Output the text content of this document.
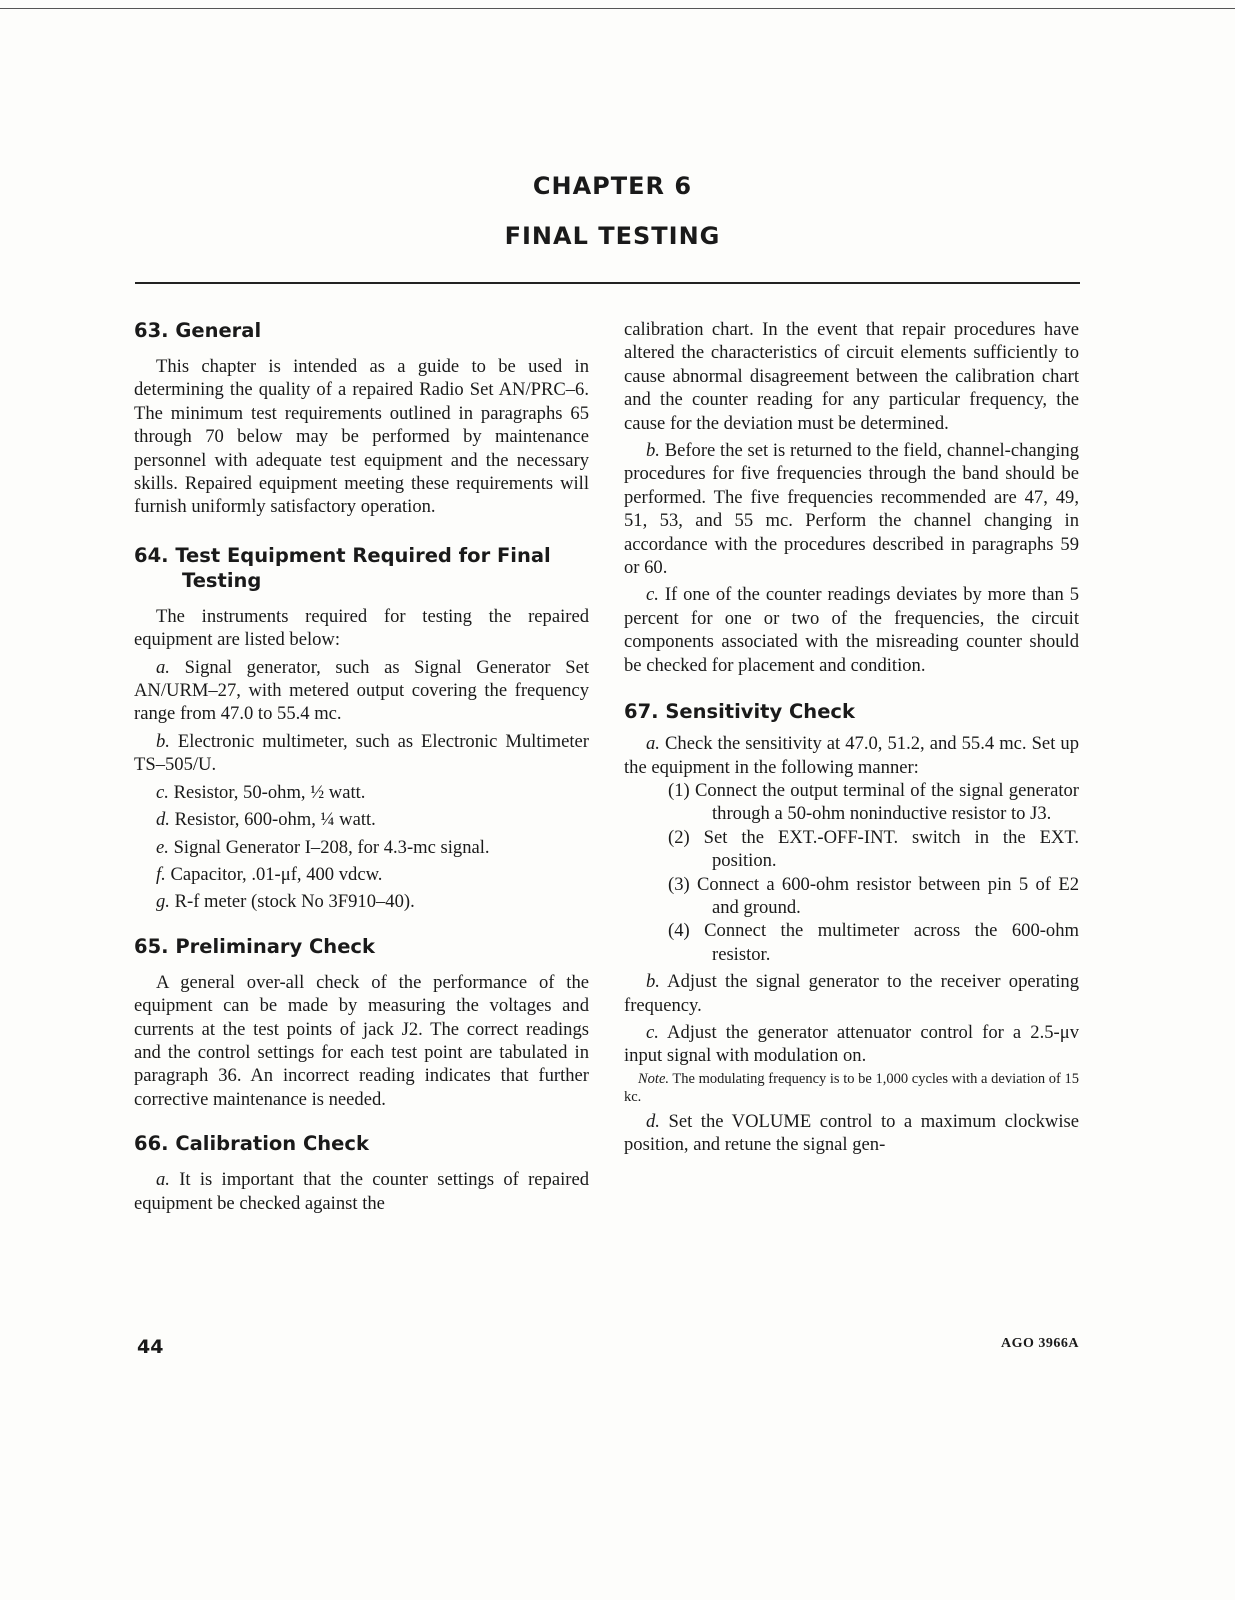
CHAPTER 6
FINAL TESTING
63. General

This chapter is intended as a guide to be used in determining the quality of a repaired Radio Set AN/PRC–6. The minimum test requirements outlined in paragraphs 65 through 70 below may be performed by maintenance personnel with adequate test equipment and the necessary skills. Repaired equipment meeting these requirements will furnish uniformly satisfactory operation.

64. Test Equipment Required for Final Testing

The instruments required for testing the repaired equipment are listed below:

a. Signal generator, such as Signal Generator Set AN/URM–27, with metered output covering the frequency range from 47.0 to 55.4 mc.

b. Electronic multimeter, such as Electronic Multimeter TS–505/U.

c. Resistor, 50-ohm, ½ watt.

d. Resistor, 600-ohm, ¼ watt.

e. Signal Generator I–208, for 4.3-mc signal.

f. Capacitor, .01-μf, 400 vdcw.

g. R-f meter (stock No 3F910–40).

65. Preliminary Check

A general over-all check of the performance of the equipment can be made by measuring the voltages and currents at the test points of jack J2. The correct readings and the control settings for each test point are tabulated in paragraph 36. An incorrect reading indicates that further corrective maintenance is needed.

66. Calibration Check

a. It is important that the counter settings of repaired equipment be checked against the

calibration chart. In the event that repair procedures have altered the characteristics of circuit elements sufficiently to cause abnormal disagreement between the calibration chart and the counter reading for any particular frequency, the cause for the deviation must be determined.

b. Before the set is returned to the field, channel-changing procedures for five frequencies through the band should be performed. The five frequencies recommended are 47, 49, 51, 53, and 55 mc. Perform the channel changing in accordance with the procedures described in paragraphs 59 or 60.

c. If one of the counter readings deviates by more than 5 percent for one or two of the frequencies, the circuit components associated with the misreading counter should be checked for placement and condition.

67. Sensitivity Check

a. Check the sensitivity at 47.0, 51.2, and 55.4 mc. Set up the equipment in the following manner:

(1) Connect the output terminal of the signal generator through a 50-ohm noninductive resistor to J3.
(2) Set the EXT.-OFF-INT. switch in the EXT. position.
(3) Connect a 600-ohm resistor between pin 5 of E2 and ground.
(4) Connect the multimeter across the 600-ohm resistor.

b. Adjust the signal generator to the receiver operating frequency.

c. Adjust the generator attenuator control for a 2.5-μv input signal with modulation on.

Note. The modulating frequency is to be 1,000 cycles with a deviation of 15 kc.

d. Set the VOLUME control to a maximum clockwise position, and retune the signal gen-

44	AGO 3966A
